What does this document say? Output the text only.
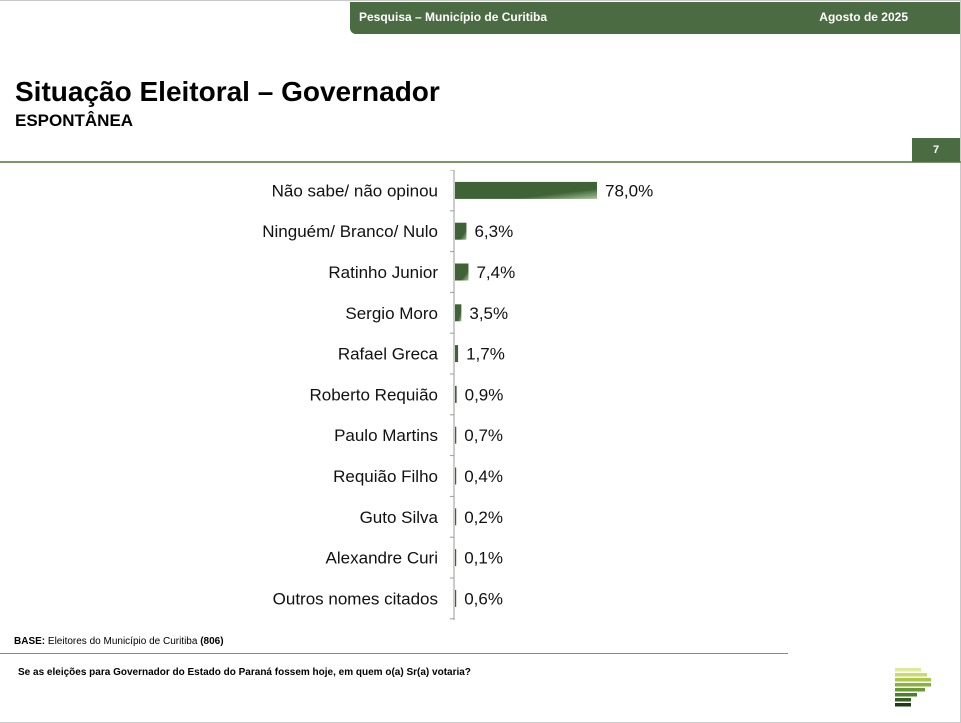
Pesquisa – Município de Curitiba	Agosto de 2025
Situação Eleitoral – Governador
ESPONTÂNEA
7
Não sabe/ não opinou	78,0%
Ninguém/ Branco/ Nulo 6,3%
Ratinho Junior 7,4%
Sergio Moro 3,5%
Rafael Greca 1,7%
Roberto Requião 0,9%
Paulo Martins 0,7%
Requião Filho 0,4%
Guto Silva 0,2%
Alexandre Curi 0,1%
Outros nomes citados 0,6%
BASE: Eleitores do Município de Curitiba (806)
Se as eleições para Governador do Estado do Paraná fossem hoje, em quem o(a) Sr(a) votaria?
